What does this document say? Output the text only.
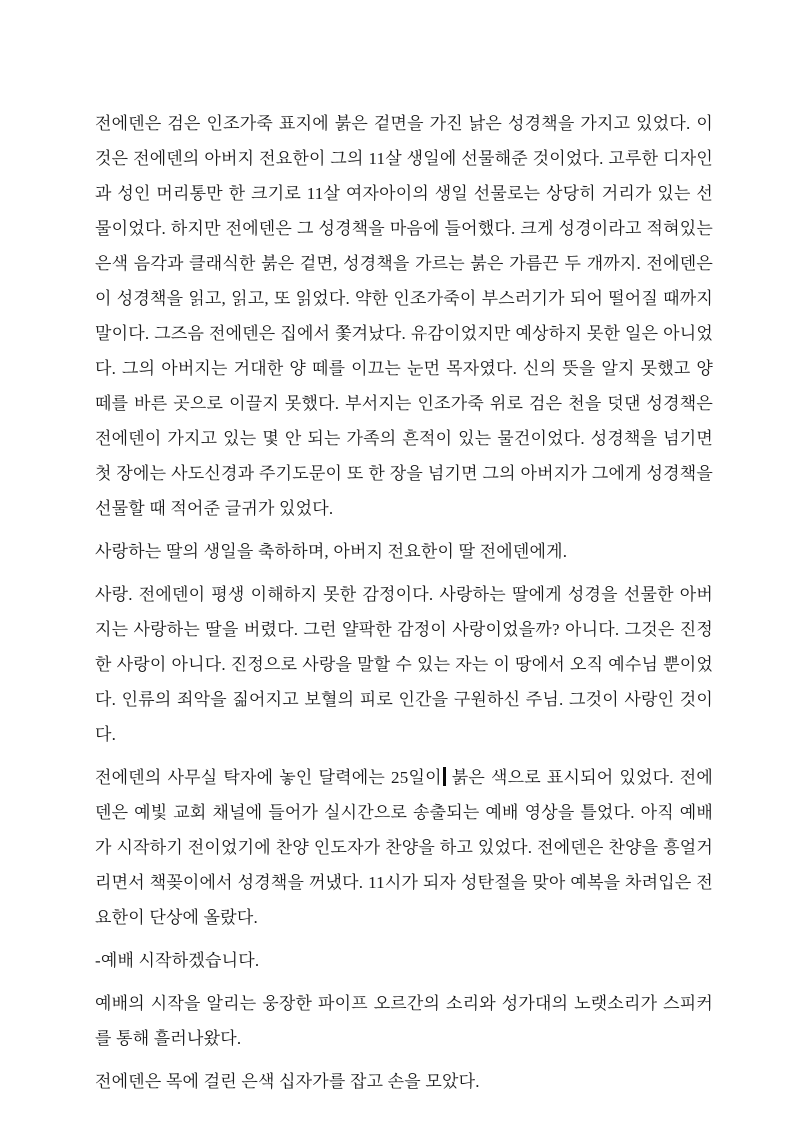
전에덴은 검은 인조가죽 표지에 붉은 겉면을 가진 낡은 성경책을 가지고 있었다. 이것은 전에덴의 아버지 전요한이 그의 11살 생일에 선물해준 것이었다. 고루한 디자인과 성인 머리통만 한 크기로 11살 여자아이의 생일 선물로는 상당히 거리가 있는 선물이었다. 하지만 전에덴은 그 성경책을 마음에 들어했다. 크게 성경이라고 적혀있는 은색 음각과 클래식한 붉은 겉면, 성경책을 가르는 붉은 가름끈 두 개까지. 전에덴은 이 성경책을 읽고, 읽고, 또 읽었다. 약한 인조가죽이 부스러기가 되어 떨어질 때까지 말이다. 그즈음 전에덴은 집에서 쫓겨났다. 유감이었지만 예상하지 못한 일은 아니었다. 그의 아버지는 거대한 양 떼를 이끄는 눈먼 목자였다. 신의 뜻을 알지 못했고 양 떼를 바른 곳으로 이끌지 못했다. 부서지는 인조가죽 위로 검은 천을 덧댄 성경책은 전에덴이 가지고 있는 몇 안 되는 가족의 흔적이 있는 물건이었다. 성경책을 넘기면 첫 장에는 사도신경과 주기도문이 또 한 장을 넘기면 그의 아버지가 그에게 성경책을 선물할 때 적어준 글귀가 있었다.

사랑하는 딸의 생일을 축하하며, 아버지 전요한이 딸 전에덴에게.

사랑. 전에덴이 평생 이해하지 못한 감정이다. 사랑하는 딸에게 성경을 선물한 아버지는 사랑하는 딸을 버렸다. 그런 얄팍한 감정이 사랑이었을까? 아니다. 그것은 진정한 사랑이 아니다. 진정으로 사랑을 말할 수 있는 자는 이 땅에서 오직 예수님 뿐이었다. 인류의 죄악을 짊어지고 보혈의 피로 인간을 구원하신 주님. 그것이 사랑인 것이다.

전에덴의 사무실 탁자에 놓인 달력에는 25일이 붉은 색으로 표시되어 있었다. 전에덴은 예빛 교회 채널에 들어가 실시간으로 송출되는 예배 영상을 틀었다. 아직 예배가 시작하기 전이었기에 찬양 인도자가 찬양을 하고 있었다. 전에덴은 찬양을 흥얼거리면서 책꽂이에서 성경책을 꺼냈다. 11시가 되자 성탄절을 맞아 예복을 차려입은 전요한이 단상에 올랐다.

-예배 시작하겠습니다.

예배의 시작을 알리는 웅장한 파이프 오르간의 소리와 성가대의 노랫소리가 스피커를 통해 흘러나왔다.

전에덴은 목에 걸린 은색 십자가를 잡고 손을 모았다.
